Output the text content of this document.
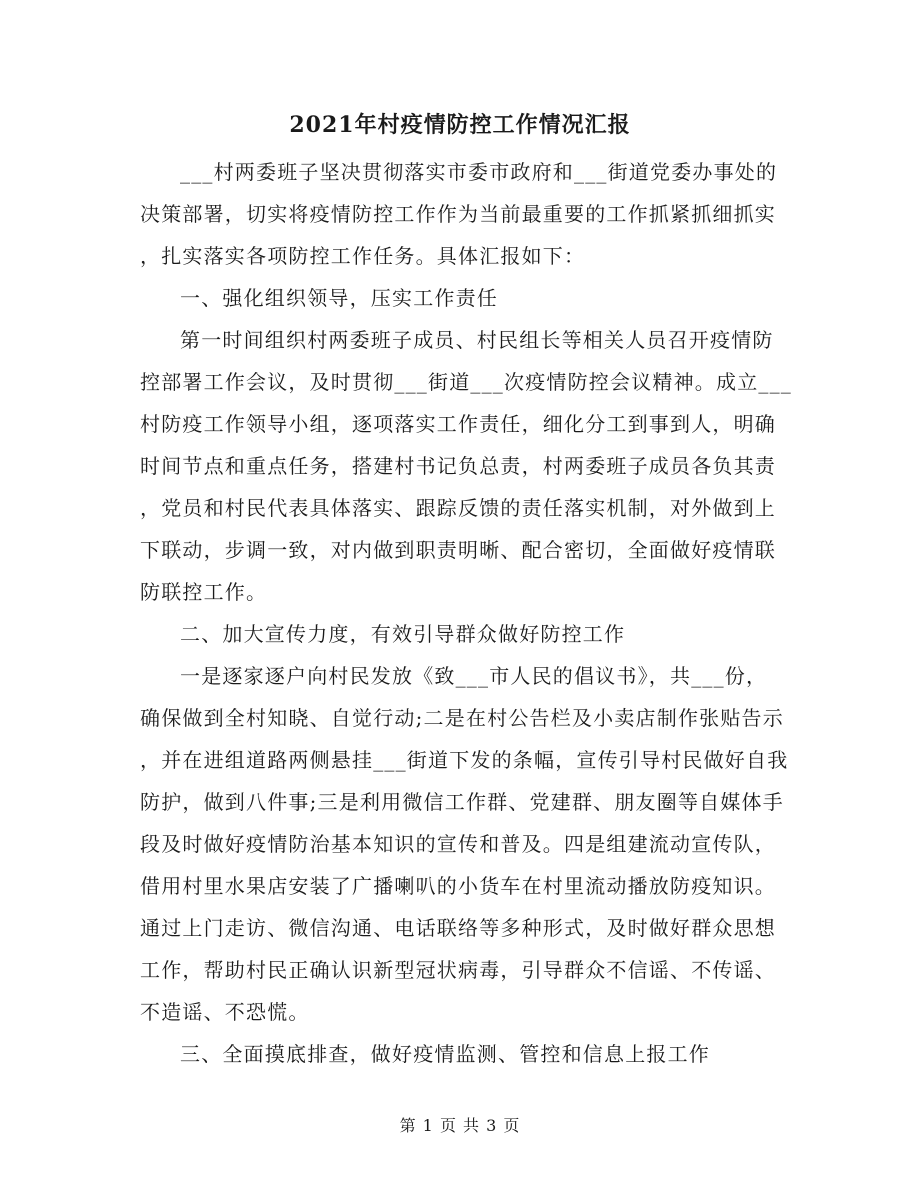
2021年村疫情防控工作情况汇报
___村两委班子坚决贯彻落实市委市政府和___街道党委办事处的
决策部署，切实将疫情防控工作作为当前最重要的工作抓紧抓细抓实
，扎实落实各项防控工作任务。具体汇报如下：
一、强化组织领导，压实工作责任
第一时间组织村两委班子成员、村民组长等相关人员召开疫情防
控部署工作会议，及时贯彻___街道___次疫情防控会议精神。成立___
村防疫工作领导小组，逐项落实工作责任，细化分工到事到人，明确
时间节点和重点任务，搭建村书记负总责，村两委班子成员各负其责
，党员和村民代表具体落实、跟踪反馈的责任落实机制，对外做到上
下联动，步调一致，对内做到职责明晰、配合密切，全面做好疫情联
防联控工作。
二、加大宣传力度，有效引导群众做好防控工作
一是逐家逐户向村民发放《致___市人民的倡议书》，共___份，
确保做到全村知晓、自觉行动;二是在村公告栏及小卖店制作张贴告示
，并在进组道路两侧悬挂___街道下发的条幅，宣传引导村民做好自我
防护，做到八件事;三是利用微信工作群、党建群、朋友圈等自媒体手
段及时做好疫情防治基本知识的宣传和普及。四是组建流动宣传队，
借用村里水果店安装了广播喇叭的小货车在村里流动播放防疫知识。
通过上门走访、微信沟通、电话联络等多种形式，及时做好群众思想
工作，帮助村民正确认识新型冠状病毒，引导群众不信谣、不传谣、
不造谣、不恐慌。
三、全面摸底排查，做好疫情监测、管控和信息上报工作
第 1 页 共 3 页
